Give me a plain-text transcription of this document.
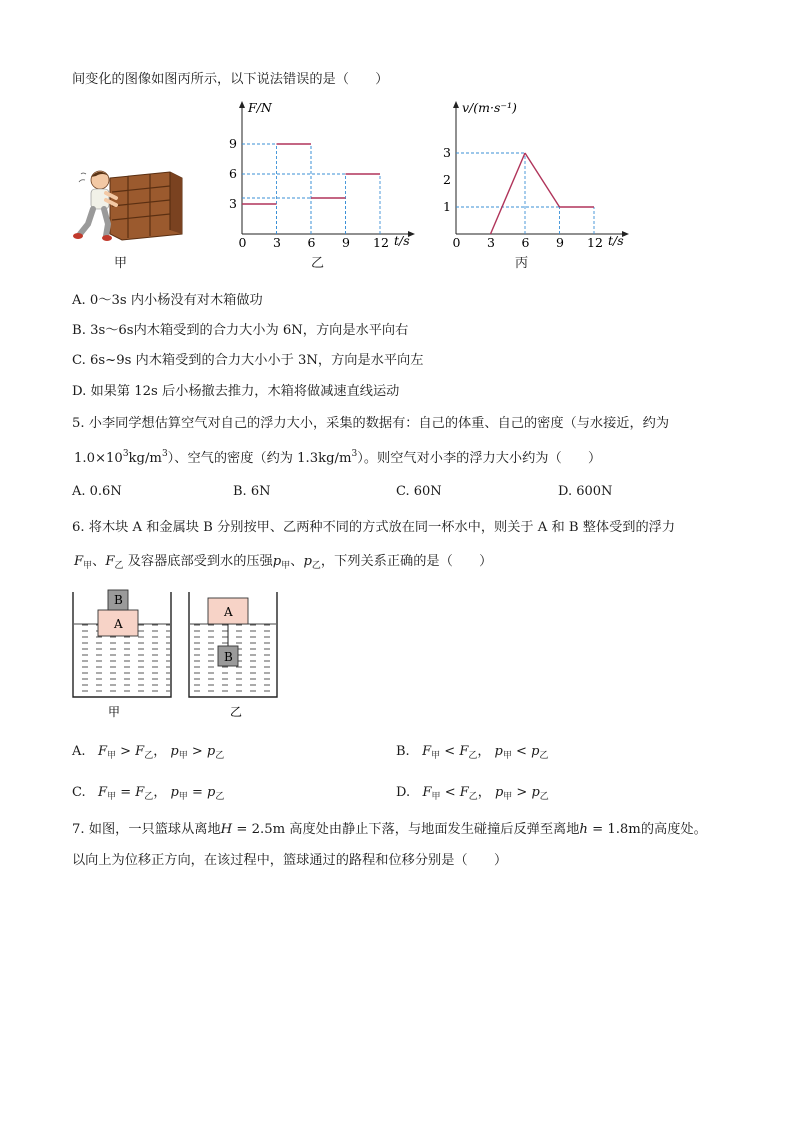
间变化的图像如图丙所示，以下说法错误的是（　　）
甲
0 3 6 9 12
3
6
9
F/N
t/s
乙
0 3 6 9 12
1
2
3
v/(m·s⁻¹)
t/s
丙
A. 0～3s 内小杨没有对木箱做功
B. 3s～6s内木箱受到的合力大小为 6N，方向是水平向右
C. 6s~9s 内木箱受到的合力大小小于 3N，方向是水平向左
D. 如果第 12s 后小杨撤去推力，木箱将做减速直线运动
5. 小李同学想估算空气对自己的浮力大小，采集的数据有：自己的体重、自己的密度（与水接近，约为
$1.0\times 10^3kg/m^3$）、空气的密度（约为 $1.3kg/m^3$）。则空气对小李的浮力大小约为（　　）
A. 0.6N	B. 6N	C. 60N	D. 600N
6. 将木块 A 和金属块 B 分别按甲、乙两种不同的方式放在同一杯水中，则关于 A 和 B 整体受到的浮力
$F_甲$、$F_乙$ 及容器底部受到水的压强$p_甲$、$p_乙$，下列关系正确的是（　　）
B
A
A
B
甲	乙
A. $F_甲 > F_乙$， $p_甲 > p_乙$	B. $F_甲 < F_乙$， $p_甲 < p_乙$
C. $F_甲 = F_乙$， $p_甲 = p_乙$	D. $F_甲 < F_乙$， $p_甲 > p_乙$
7. 如图，一只篮球从离地H = 2.5m 高度处由静止下落，与地面发生碰撞后反弹至离地h = 1.8m的高度处。
以向上为位移正方向，在该过程中，篮球通过的路程和位移分别是（　　）
